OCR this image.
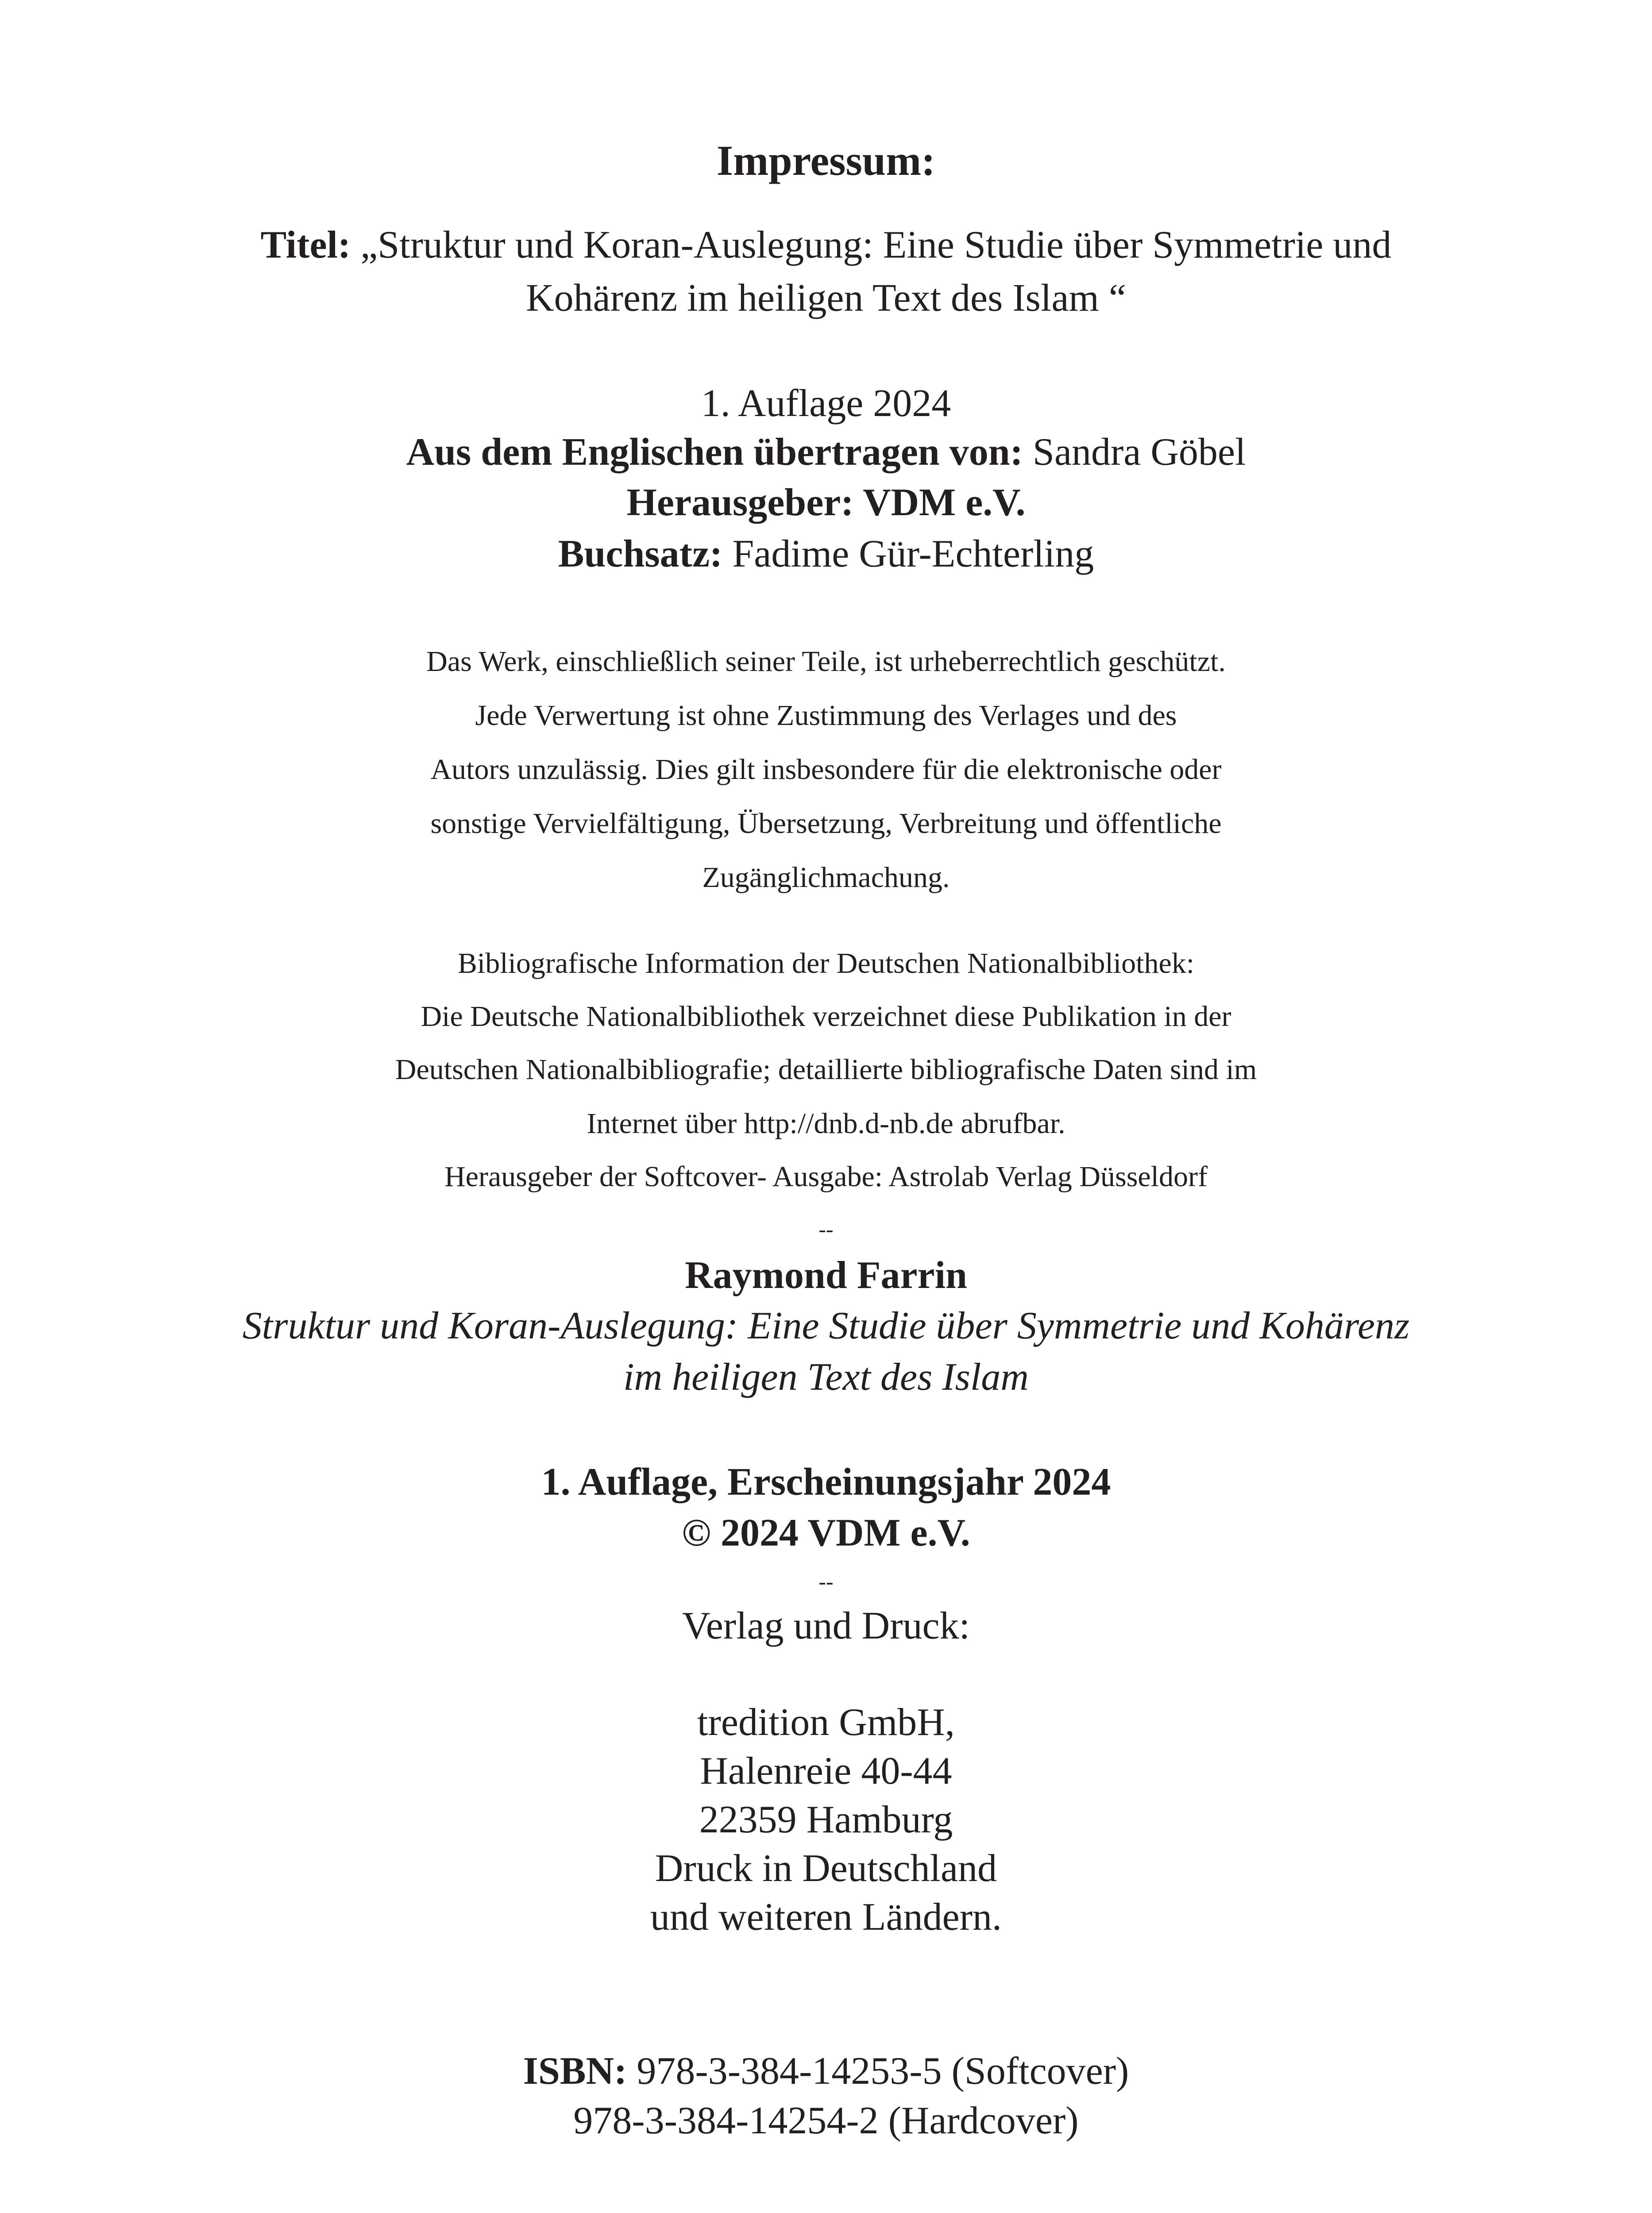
Impressum:
Titel: „Struktur und Koran-Auslegung: Eine Studie über Symmetrie und
Kohärenz im heiligen Text des Islam “
1. Auflage 2024
Aus dem Englischen übertragen von: Sandra Göbel
Herausgeber: VDM e.V.
Buchsatz: Fadime Gür-Echterling
Das Werk, einschließlich seiner Teile, ist urheberrechtlich geschützt.
Jede Verwertung ist ohne Zustimmung des Verlages und des
Autors unzulässig. Dies gilt insbesondere für die elektronische oder
sonstige Vervielfältigung, Übersetzung, Verbreitung und öffentliche
Zugänglichmachung.
Bibliografische Information der Deutschen Nationalbibliothek:
Die Deutsche Nationalbibliothek verzeichnet diese Publikation in der
Deutschen Nationalbibliografie; detaillierte bibliografische Daten sind im
Internet über http://dnb.d-nb.de abrufbar.
Herausgeber der Softcover- Ausgabe: Astrolab Verlag Düsseldorf
--
Raymond Farrin
Struktur und Koran-Auslegung: Eine Studie über Symmetrie und Kohärenz
im heiligen Text des Islam
1. Auflage, Erscheinungsjahr 2024
© 2024 VDM e.V.
--
Verlag und Druck:
tredition GmbH,
Halenreie 40-44
22359 Hamburg
Druck in Deutschland
und weiteren Ländern.
ISBN: 978-3-384-14253-5 (Softcover)
978-3-384-14254-2 (Hardcover)
